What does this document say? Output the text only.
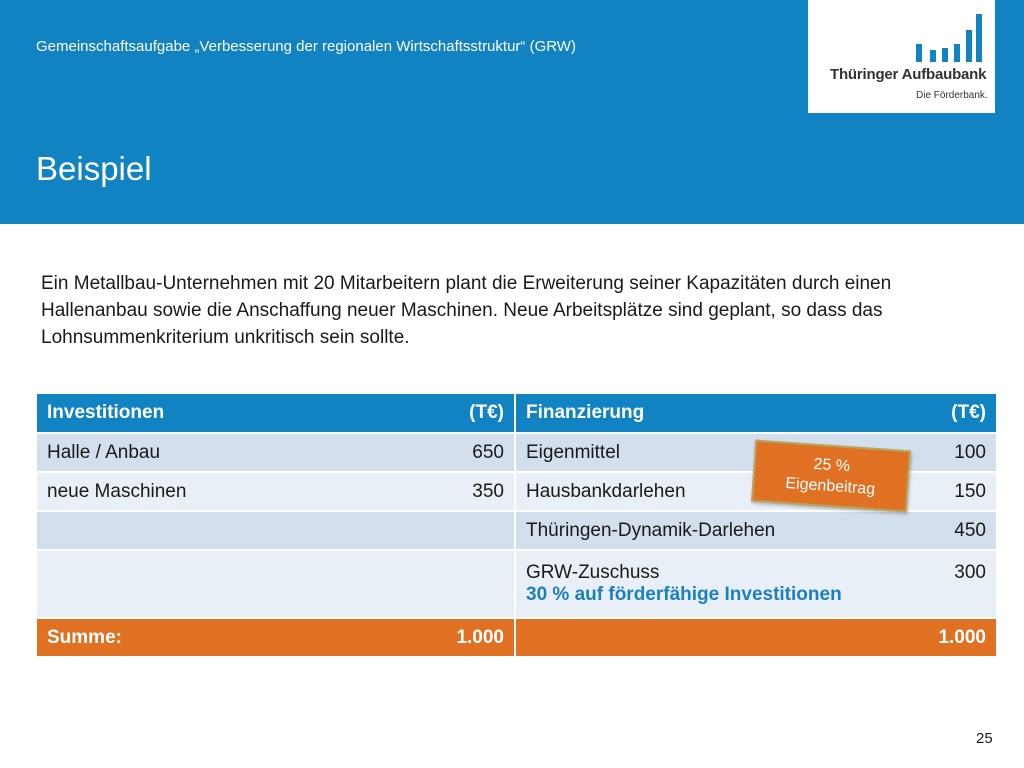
Gemeinschaftsaufgabe „Verbesserung der regionalen Wirtschaftsstruktur“ (GRW)
Beispiel
Thüringer Aufbaubank
Die Förderbank.

Ein Metallbau-Unternehmen mit 20 Mitarbeitern plant die Erweiterung seiner Kapazitäten durch einen Hallenanbau sowie die Anschaffung neuer Maschinen. Neue Arbeitsplätze sind geplant, so dass das Lohnsummenkriterium unkritisch sein sollte.

Investitionen (T€)	Finanzierung (T€)

Halle / Anbau 650	Eigenmittel 100

neue Maschinen 350	Hausbankdarlehen 150

	Thüringen-Dynamik-Darlehen 450

	GRW-Zuschuss 300
30 % auf förderfähige Investitionen

Summe: 1.000	1.000
25 %
Eigenbeitrag
25
